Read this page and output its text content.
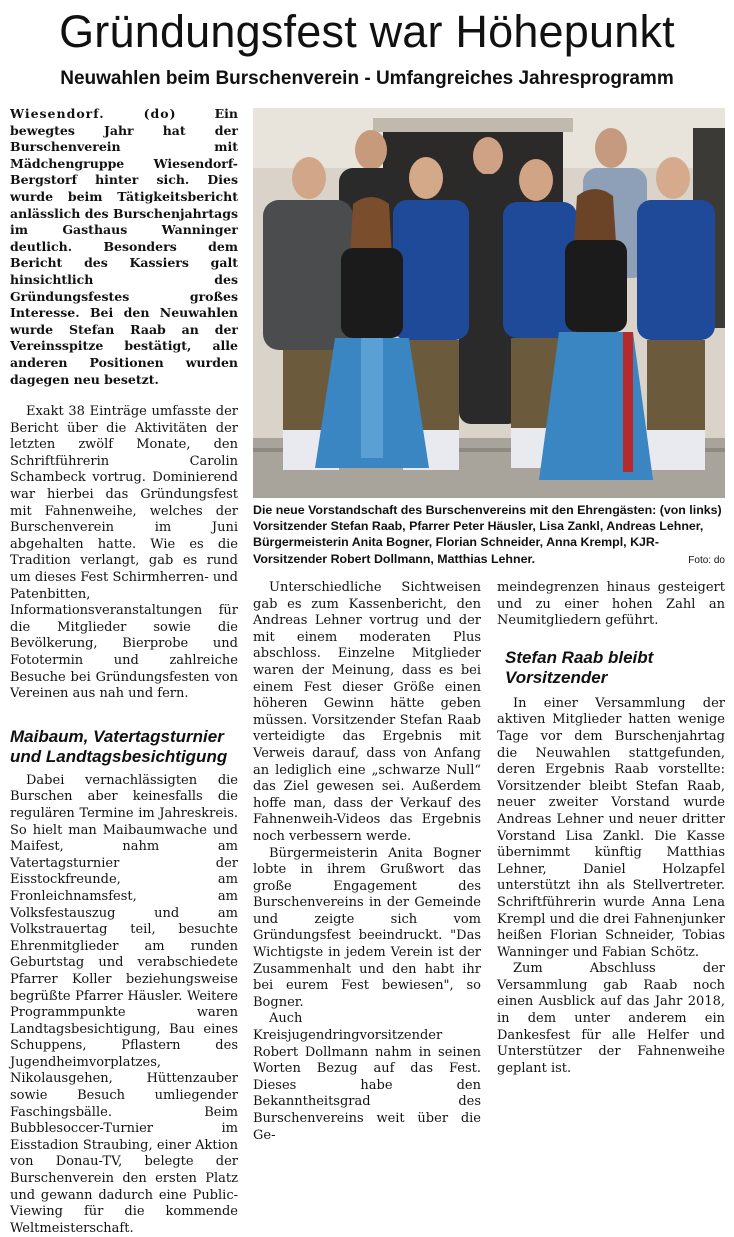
Gründungsfest war Höhepunkt
Neuwahlen beim Burschenverein - Umfangreiches Jahresprogramm

Wiesendorf. (do)	Ein bewegtes Jahr hat der Burschenverein mit Mädchengruppe Wiesendorf-Bergstorf hinter sich. Dies wurde beim Tätigkeitsbericht anlässlich des Burschenjahrtags im Gasthaus Wanninger deutlich. Besonders dem Bericht des Kassiers galt hinsichtlich des Gründungsfestes großes Interesse. Bei den Neuwahlen wurde Stefan Raab an der Vereinsspitze bestätigt, alle anderen Positionen wurden dagegen neu besetzt.

Exakt 38 Einträge umfasste der Bericht über die Aktivitäten der letzten zwölf Monate, den Schriftführerin Carolin Schambeck vortrug. Dominierend war hierbei das Gründungsfest mit Fahnenweihe, welches der Burschenverein im Juni abgehalten hatte. Wie es die Tradition verlangt, gab es rund um dieses Fest Schirmherren- und Patenbitten, Informationsveranstaltungen für die Mitglieder sowie die Bevölkerung, Bierprobe und Fototermin und zahlreiche Besuche bei Gründungsfesten von Vereinen aus nah und fern.

Maibaum, Vatertagsturnier und Landtagsbesichtigung

Dabei vernachlässigten die Burschen aber keinesfalls die regulären Termine im Jahreskreis. So hielt man Maibaumwache und Maifest, nahm am Vatertagsturnier der Eisstockfreunde, am Fronleichnamsfest, am Volksfestauszug und am Volkstrauertag teil, besuchte Ehrenmitglieder am runden Geburtstag und verabschiedete Pfarrer Koller beziehungsweise begrüßte Pfarrer Häusler. Weitere Programmpunkte waren Landtagsbesichtigung, Bau eines Schuppens, Pflastern des Jugendheimvorplatzes, Nikolausgehen, Hüttenzauber sowie Besuch umliegender Faschingsbälle. Beim Bubblesoccer-Turnier im Eisstadion Straubing, einer Aktion von Donau-TV, belegte der Burschenverein den ersten Platz und gewann dadurch eine Public-Viewing für die kommende Weltmeisterschaft.

Die neue Vorstandschaft des Burschenvereins mit den Ehrengästen: (von links) Vorsitzender Stefan Raab, Pfarrer Peter Häusler, Lisa Zankl, Andreas Lehner, Bürgermeisterin Anita Bogner, Florian Schneider, Anna Krempl, KJR-Vorsitzender Robert Dollmann, Matthias Lehner.	Foto: do

Unterschiedliche Sichtweisen gab es zum Kassenbericht, den Andreas Lehner vortrug und der mit einem moderaten Plus abschloss. Einzelne Mitglieder waren der Meinung, dass es bei einem Fest dieser Größe einen höheren Gewinn hätte geben müssen. Vorsitzender Stefan Raab verteidigte das Ergebnis mit Verweis darauf, dass von Anfang an lediglich eine „schwarze Null“ das Ziel gewesen sei. Außerdem hoffe man, dass der Verkauf des Fahnenweih-Videos das Ergebnis noch verbessern werde.

Bürgermeisterin Anita Bogner lobte in ihrem Grußwort das große Engagement des Burschenvereins in der Gemeinde und zeigte sich vom Gründungsfest beeindruckt. "Das Wichtigste in jedem Verein ist der Zusammenhalt und den habt ihr bei eurem Fest bewiesen", so Bogner.

Auch Kreisjugendringvorsitzender Robert Dollmann nahm in seinen Worten Bezug auf das Fest. Dieses habe den Bekanntheitsgrad des Burschenvereins weit über die Ge-

meindegrenzen hinaus gesteigert und zu einer hohen Zahl an Neumitgliedern geführt.

Stefan Raab bleibt Vorsitzender

In einer Versammlung der aktiven Mitglieder hatten wenige Tage vor dem Burschenjahrtag die Neuwahlen stattgefunden, deren Ergebnis Raab vorstellte: Vorsitzender bleibt Stefan Raab, neuer zweiter Vorstand wurde Andreas Lehner und neuer dritter Vorstand Lisa Zankl. Die Kasse übernimmt künftig Matthias Lehner, Daniel Holzapfel unterstützt ihn als Stellvertreter. Schriftführerin wurde Anna Lena Krempl und die drei Fahnenjunker heißen Florian Schneider, Tobias Wanninger und Fabian Schötz.

Zum Abschluss der Versammlung gab Raab noch einen Ausblick auf das Jahr 2018, in dem unter anderem ein Dankesfest für alle Helfer und Unterstützer der Fahnenweihe geplant ist.
